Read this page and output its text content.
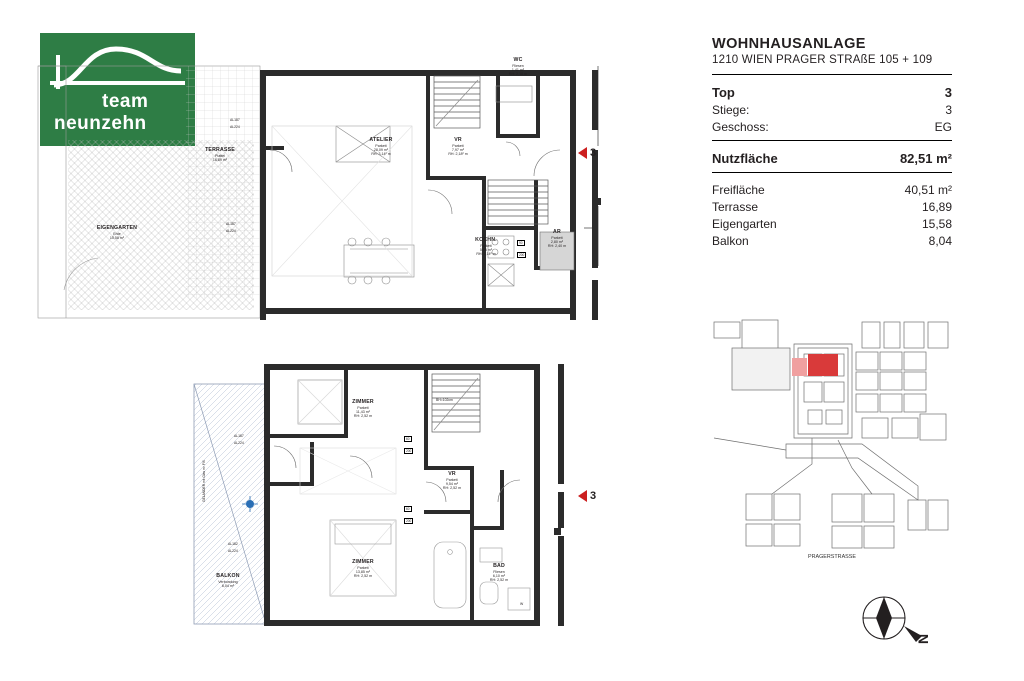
team
neunzehn
WOHNHAUSANLAGE
1210 WIEN PRAGER STRAßE 105 + 109
Top	3
Stiege:	3
Geschoss:	EG
Nutzfläche	82,51 m²
Freifläche	40,51 m²
Terrasse	16,89
Eigengarten	15,58
Balkon	8,04
PRAGERSTRASSE
N
TERRASSE
Plattel
16,89 m²
EIGENGARTEN
Erde
15,58 m²
ATELIER
Parkett
28,09 m²
RH: 3,14² m
VR
Parkett
7,97 m²
RH: 2,18² m
WC
Fliesen
1,41 m²
RH: 2,18 m
KOCHN.
Parkett
5,05 m²
RH: 3,14² m
AR
Parkett
2,80 m²
RH: 2,40 m
AL187
AL224
AL187
AL224
90
200
3
ZIMMER
Parkett
11,43 m²
RH: 2,52 m
ZIMMER
Parkett
13,85 m²
RH: 2,52 m
VR
Parkett
9,54 m²
RH: 2,52 m
BAD
Fliesen
6,10 m²
RH: 2,52 m
BALKON
Verbundung
8,04 m²
BH=102cm
W
AL187
AL224
AL182
AL224
60
200
60
200
GELANDER mit Glas m² FIX	3
